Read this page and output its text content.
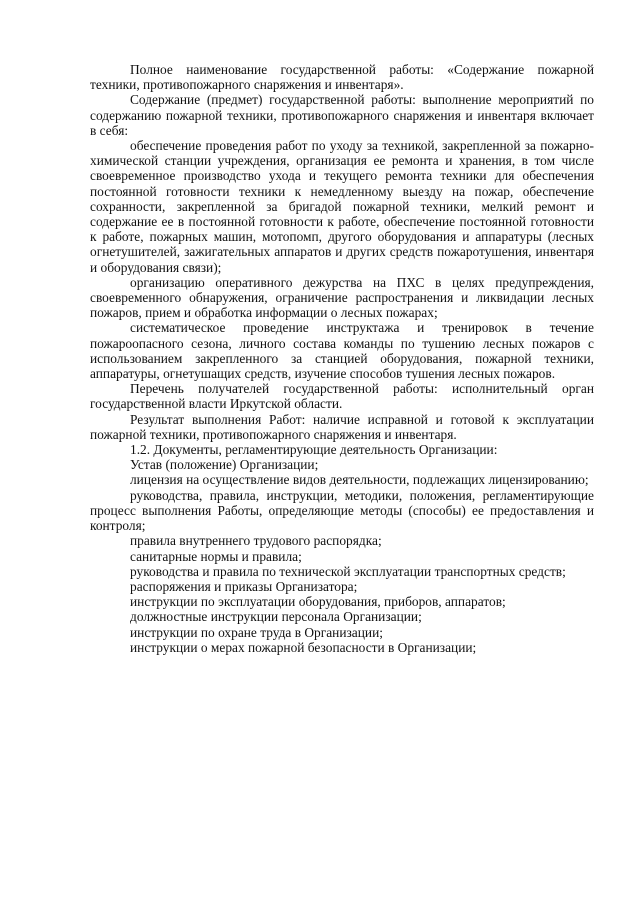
Полное наименование государственной работы: «Содержание пожарной техники, противопожарного снаряжения и инвентаря».

Содержание (предмет) государственной работы: выполнение мероприятий по содержанию пожарной техники, противопожарного снаряжения и инвентаря включает в себя:

обеспечение проведения работ по уходу за техникой, закрепленной за пожарно-химической станции учреждения, организация ее ремонта и хранения, в том числе своевременное производство ухода и текущего ремонта техники для обеспечения постоянной готовности техники к немедленному выезду на пожар, обеспечение сохранности, закрепленной за бригадой пожарной техники, мелкий ремонт и содержание ее в постоянной готовности к работе, обеспечение постоянной готовности к работе, пожарных машин, мотопомп, другого оборудования и аппаратуры (лесных огнетушителей, зажигательных аппаратов и других средств пожаротушения, инвентаря и оборудования связи);

организацию оперативного дежурства на ПХС в целях предупреждения, своевременного обнаружения, ограничение распространения и ликвидации лесных пожаров, прием и обработка информации о лесных пожарах;

систематическое проведение инструктажа и тренировок в течение пожароопасного сезона, личного состава команды по тушению лесных пожаров с использованием закрепленного за станцией оборудования, пожарной техники, аппаратуры, огнетушащих средств, изучение способов тушения лесных пожаров.

Перечень получателей государственной работы: исполнительный орган государственной власти Иркутской области.

Результат выполнения Работ: наличие исправной и готовой к эксплуатации пожарной техники, противопожарного снаряжения и инвентаря.

1.2. Документы, регламентирующие деятельность Организации:

Устав (положение) Организации;

лицензия на осуществление видов деятельности, подлежащих лицензированию;

руководства, правила, инструкции, методики, положения, регламентирующие процесс выполнения Работы, определяющие методы (способы) ее предоставления и контроля;

правила внутреннего трудового распорядка;

санитарные нормы и правила;

руководства и правила по технической эксплуатации транспортных средств;

распоряжения и приказы Организатора;

инструкции по эксплуатации оборудования, приборов, аппаратов;

должностные инструкции персонала Организации;

инструкции по охране труда в Организации;

инструкции о мерах пожарной безопасности в Организации;
